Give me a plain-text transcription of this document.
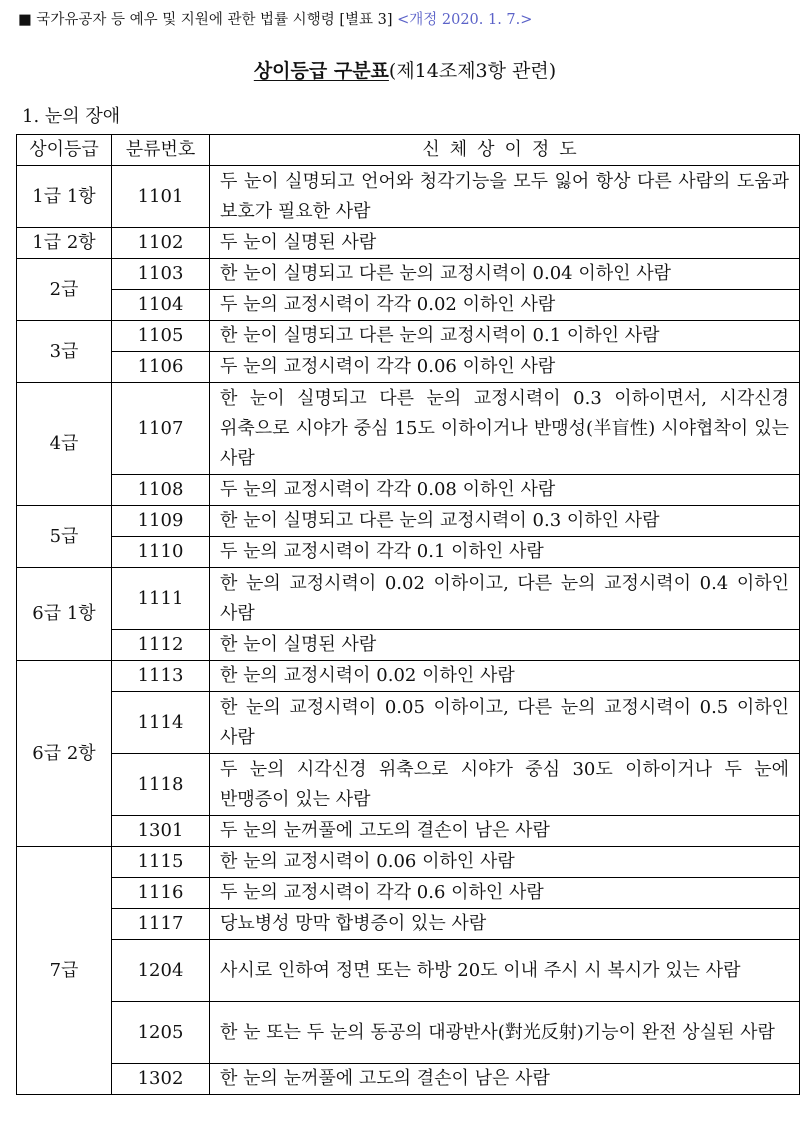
■ 국가유공자 등 예우 및 지원에 관한 법률 시행령 [별표 3] <개정 2020. 1. 7.>
상이등급 구분표(제14조제3항 관련)
1. 눈의 장애
상이등급	분류번호	신체상이정도
1급 1항	1101	두 눈이 실명되고 언어와 청각기능을 모두 잃어 항상 다른 사람의 도움과 보호가 필요한 사람
1급 2항	1102	두 눈이 실명된 사람
2급	1103	한 눈이 실명되고 다른 눈의 교정시력이 0.04 이하인 사람
	1104	두 눈의 교정시력이 각각 0.02 이하인 사람
3급	1105	한 눈이 실명되고 다른 눈의 교정시력이 0.1 이하인 사람
	1106	두 눈의 교정시력이 각각 0.06 이하인 사람
4급	1107	한 눈이 실명되고 다른 눈의 교정시력이 0.3 이하이면서, 시각신경 위축으로 시야가 중심 15도 이하이거나 반맹성(半盲性) 시야협착이 있는 사람
	1108	두 눈의 교정시력이 각각 0.08 이하인 사람
5급	1109	한 눈이 실명되고 다른 눈의 교정시력이 0.3 이하인 사람
	1110	두 눈의 교정시력이 각각 0.1 이하인 사람
6급 1항	1111	한 눈의 교정시력이 0.02 이하이고, 다른 눈의 교정시력이 0.4 이하인 사람
	1112	한 눈이 실명된 사람
6급 2항	1113	한 눈의 교정시력이 0.02 이하인 사람
	1114	한 눈의 교정시력이 0.05 이하이고, 다른 눈의 교정시력이 0.5 이하인 사람
	1118	두 눈의 시각신경 위축으로 시야가 중심 30도 이하이거나 두 눈에 반맹증이 있는 사람
	1301	두 눈의 눈꺼풀에 고도의 결손이 남은 사람
7급	1115	한 눈의 교정시력이 0.06 이하인 사람
	1116	두 눈의 교정시력이 각각 0.6 이하인 사람
	1117	당뇨병성 망막 합병증이 있는 사람
	1204	사시로 인하여 정면 또는 하방 20도 이내 주시 시 복시가 있는 사람
	1205	한 눈 또는 두 눈의 동공의 대광반사(對光反射)기능이 완전 상실된 사람
	1302	한 눈의 눈꺼풀에 고도의 결손이 남은 사람
